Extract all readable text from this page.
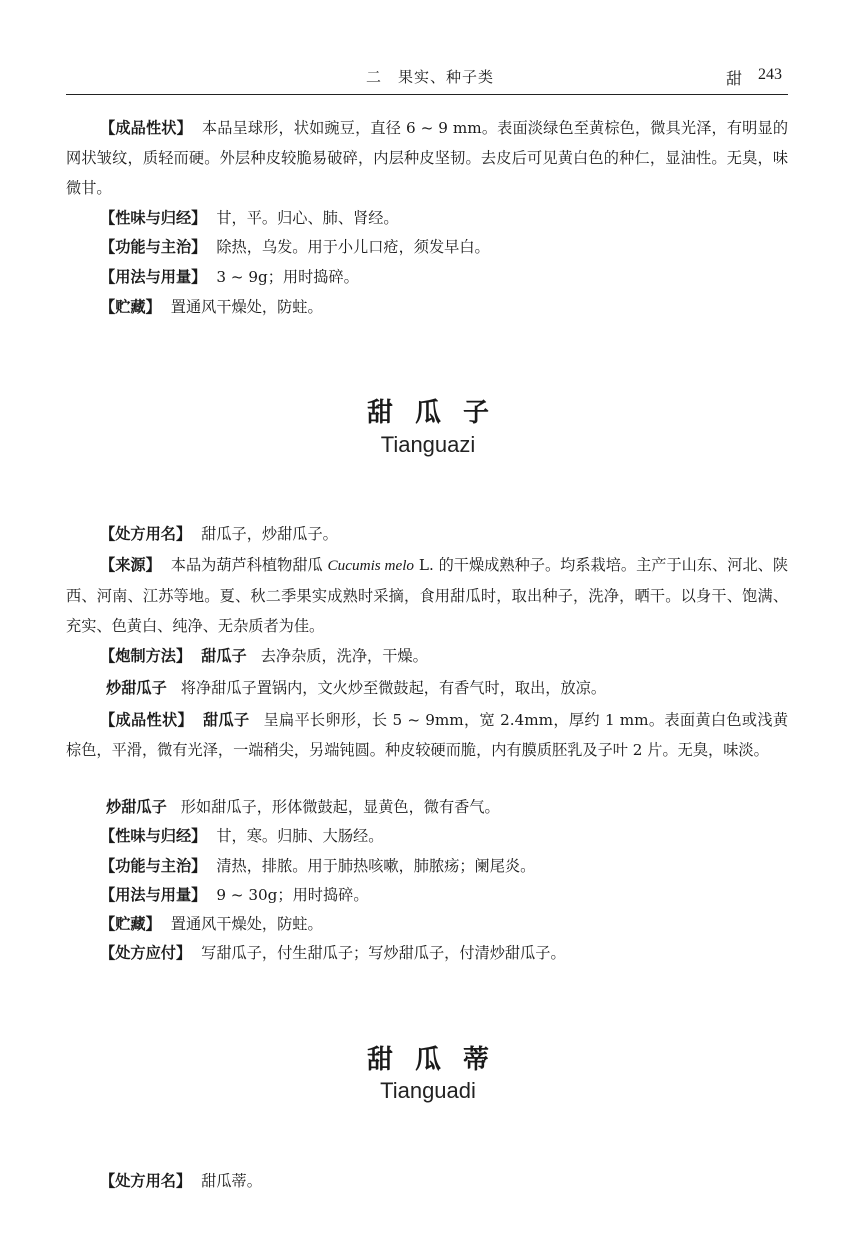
二　果实、种子类	甜 243
【成品性状】 本品呈球形，状如豌豆，直径 6 ~ 9 mm。表面淡绿色至黄棕色，微具光泽，有明显的网状皱纹，质轻而硬。外层种皮较脆易破碎，内层种皮坚韧。去皮后可见黄白色的种仁，显油性。无臭，味微甘。
【性味与归经】 甘，平。归心、肺、肾经。
【功能与主治】 除热，乌发。用于小儿口疮，须发早白。
【用法与用量】 3 ~ 9g；用时捣碎。
【贮藏】 置通风干燥处，防蛀。
甜瓜子
Tianguazi
【处方用名】 甜瓜子，炒甜瓜子。
【来源】 本品为葫芦科植物甜瓜 Cucumis melo L. 的干燥成熟种子。均系栽培。主产于山东、河北、陕西、河南、江苏等地。夏、秋二季果实成熟时采摘，食用甜瓜时，取出种子，洗净，晒干。以身干、饱满、充实、色黄白、纯净、无杂质者为佳。
【炮制方法】 甜瓜子 去净杂质，洗净，干燥。
炒甜瓜子 将净甜瓜子置锅内，文火炒至微鼓起，有香气时，取出，放凉。
【成品性状】 甜瓜子 呈扁平长卵形，长 5 ~ 9mm，宽 2.4mm，厚约 1 mm。表面黄白色或浅黄棕色，平滑，微有光泽，一端稍尖，另端钝圆。种皮较硬而脆，内有膜质胚乳及子叶 2 片。无臭，味淡。
炒甜瓜子 形如甜瓜子，形体微鼓起，显黄色，微有香气。
【性味与归经】 甘，寒。归肺、大肠经。
【功能与主治】 清热，排脓。用于肺热咳嗽，肺脓疡；阑尾炎。
【用法与用量】 9 ~ 30g；用时捣碎。
【贮藏】 置通风干燥处，防蛀。
【处方应付】 写甜瓜子，付生甜瓜子；写炒甜瓜子，付清炒甜瓜子。
甜瓜蒂
Tianguadi
【处方用名】 甜瓜蒂。
